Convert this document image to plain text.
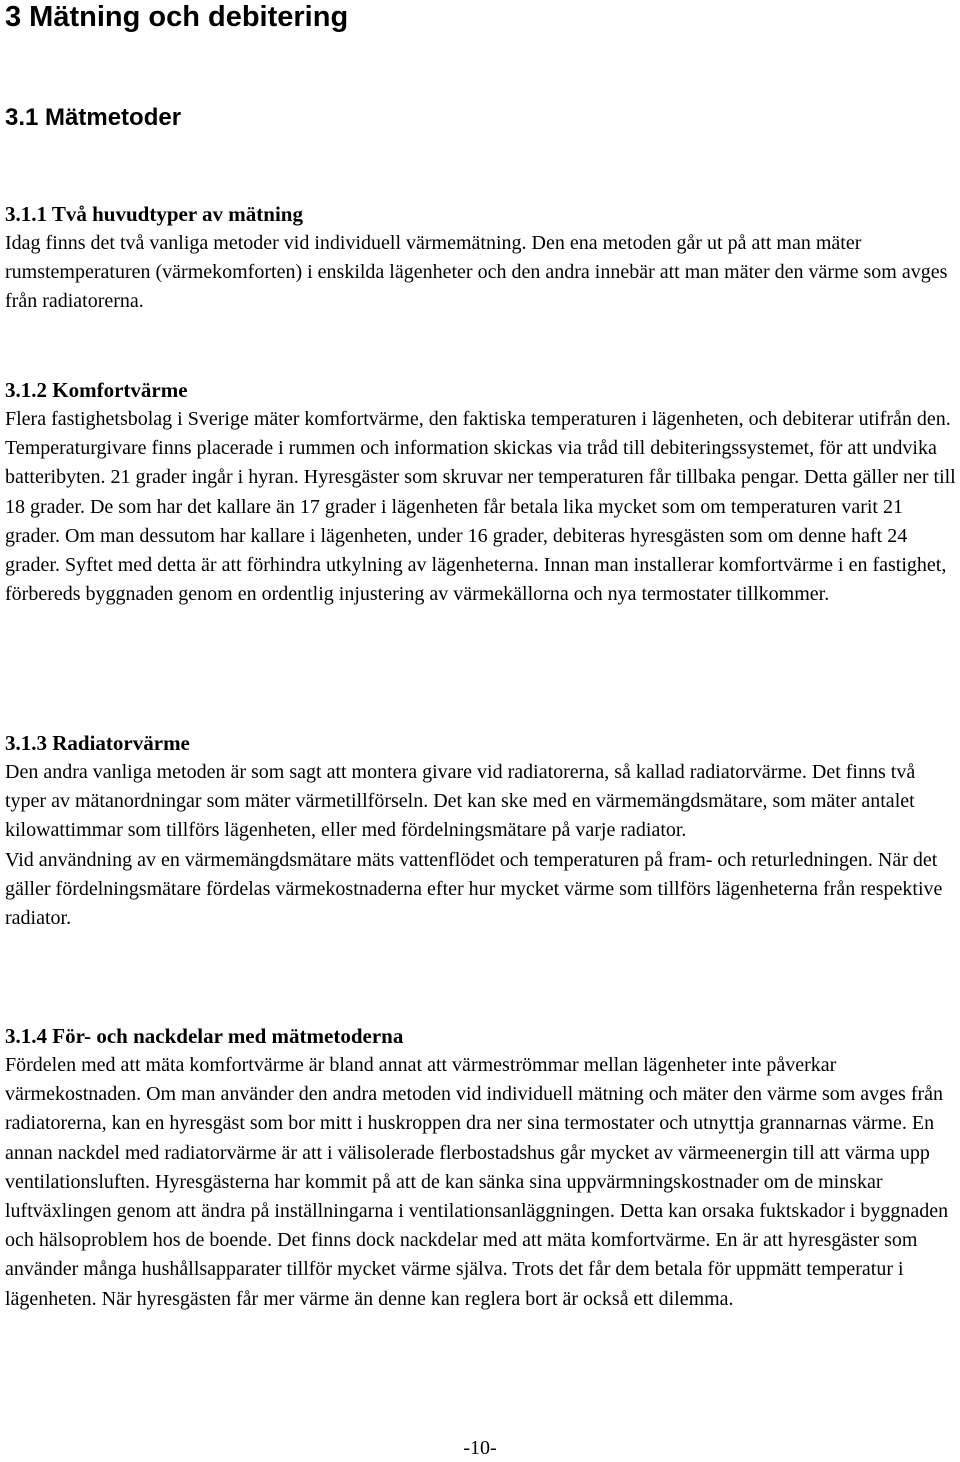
3 Mätning och debitering
3.1 Mätmetoder
3.1.1 Två huvudtyper av mätning

Idag finns det två vanliga metoder vid individuell värmemätning. Den ena metoden går ut på att man mäter rumstemperaturen (värmekomforten) i enskilda lägenheter och den andra innebär att man mäter den värme som avges från radiatorerna.

3.1.2 Komfortvärme

Flera fastighetsbolag i Sverige mäter komfortvärme, den faktiska temperaturen i lägenheten, och debiterar utifrån den. Temperaturgivare finns placerade i rummen och information skickas via tråd till debiteringssystemet, för att undvika batteribyten. 21 grader ingår i hyran. Hyresgäster som skruvar ner temperaturen får tillbaka pengar. Detta gäller ner till 18 grader. De som har det kallare än 17 grader i lägenheten får betala lika mycket som om temperaturen varit 21 grader. Om man dessutom har kallare i lägenheten, under 16 grader, debiteras hyresgästen som om denne haft 24 grader. Syftet med detta är att förhindra utkylning av lägenheterna. Innan man installerar komfortvärme i en fastighet, förbereds byggnaden genom en ordentlig injustering av värmekällorna och nya termostater tillkommer.

3.1.3 Radiatorvärme

Den andra vanliga metoden är som sagt att montera givare vid radiatorerna, så kallad radiatorvärme. Det finns två typer av mätanordningar som mäter värmetillförseln. Det kan ske med en värmemängdsmätare, som mäter antalet kilowattimmar som tillförs lägenheten, eller med fördelningsmätare på varje radiator.

Vid användning av en värmemängdsmätare mäts vattenflödet och temperaturen på fram- och returledningen. När det gäller fördelningsmätare fördelas värmekostnaderna efter hur mycket värme som tillförs lägenheterna från respektive radiator.

3.1.4 För- och nackdelar med mätmetoderna

Fördelen med att mäta komfortvärme är bland annat att värmeströmmar mellan lägenheter inte påverkar värmekostnaden. Om man använder den andra metoden vid individuell mätning och mäter den värme som avges från radiatorerna, kan en hyresgäst som bor mitt i huskroppen dra ner sina termostater och utnyttja grannarnas värme. En annan nackdel med radiatorvärme är att i välisolerade flerbostadshus går mycket av värmeenergin till att värma upp ventilationsluften. Hyresgästerna har kommit på att de kan sänka sina uppvärmningskostnader om de minskar luftväxlingen genom att ändra på inställningarna i ventilationsanläggningen. Detta kan orsaka fuktskador i byggnaden och hälsoproblem hos de boende. Det finns dock nackdelar med att mäta komfortvärme. En är att hyresgäster som använder många hushållsapparater tillför mycket värme själva. Trots det får dem betala för uppmätt temperatur i lägenheten. När hyresgästen får mer värme än denne kan reglera bort är också ett dilemma.

-10-
